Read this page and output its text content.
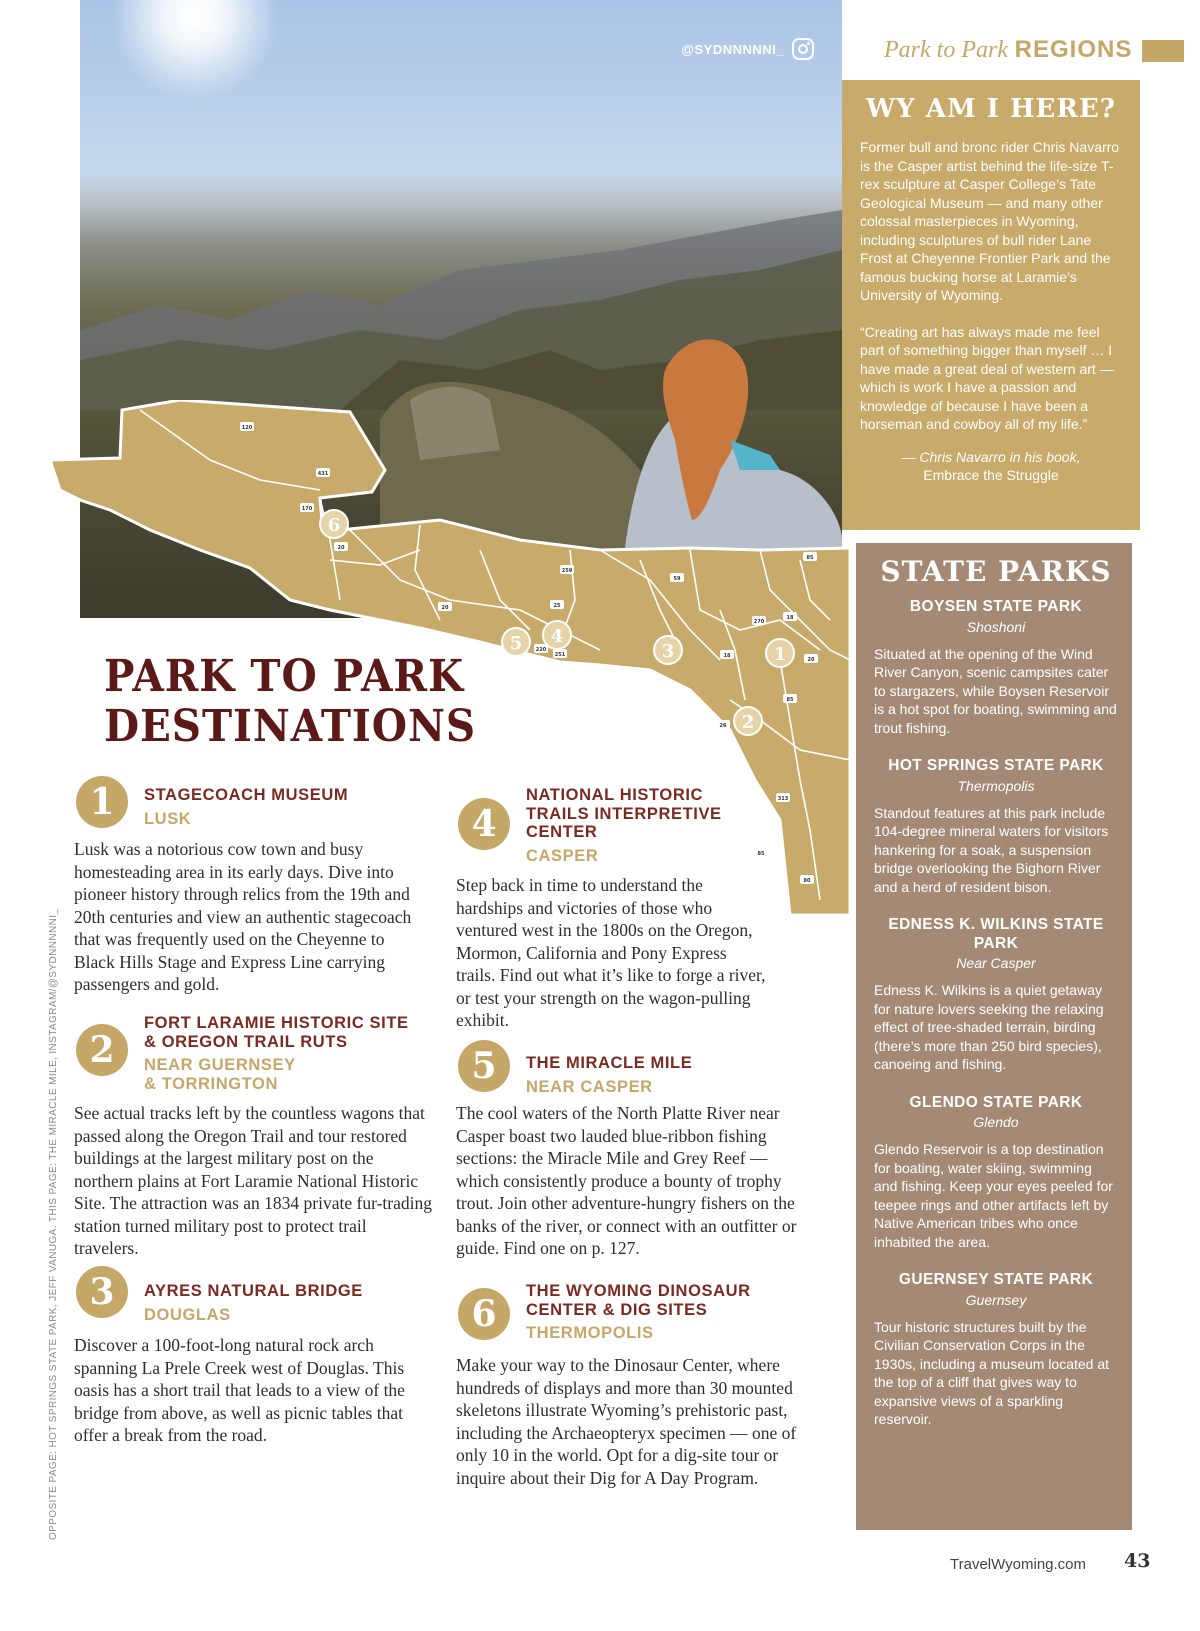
@SYDNNNNNI_
OPPOSITE PAGE: HOT SPRINGS STATE PARK, JEFF VANUGA. THIS PAGE: THE MIRACLE MILE, INSTAGRAM/@SYDNNNNNI_
Park to Park REGIONS
WY AM I HERE?

Former bull and bronc rider Chris Navarro is the Casper artist behind the life-size T-rex sculpture at Casper College’s Tate Geological Museum — and many other colossal masterpieces in Wyoming, including sculptures of bull rider Lane Frost at Cheyenne Frontier Park and the famous bucking horse at Laramie’s University of Wyoming.

“Creating art has always made me feel part of something bigger than myself … I have made a great deal of western art — which is work I have a passion and knowledge of because I have been a horseman and cowboy all of my life.”

— Chris Navarro in his book,
Embrace the Struggle
STATE PARKS
BOYSEN STATE PARK
Shoshoni
Situated at the opening of the Wind River Canyon, scenic campsites cater to stargazers, while Boysen Reservoir is a hot spot for boating, swimming and trout fishing.
HOT SPRINGS STATE PARK
Thermopolis
Standout features at this park include 104-degree mineral waters for visitors hankering for a soak, a suspension bridge overlooking the Bighorn River and a herd of resident bison.
EDNESS K. WILKINS STATE PARK
Near Casper
Edness K. Wilkins is a quiet getaway for nature lovers seeking the relaxing effect of tree-shaded terrain, birding (there’s more than 250 bird species), canoeing and fishing.
GLENDO STATE PARK
Glendo
Glendo Reservoir is a top destination for boating, water skiing, swimming and fishing. Keep your eyes peeled for teepee rings and other artifacts left by Native American tribes who once inhabited the area.
GUERNSEY STATE PARK
Guernsey
Tour historic structures built by the Civilian Conservation Corps in the 1930s, including a museum located at the top of a cliff that gives way to expansive views of a sparkling reservoir.
1
2
3
4
5
6
120
431
170
20
20	25
220
251
259
59
270
18
20
85
18
26
85
313
85
80
PARK TO PARK
DESTINATIONS
1	STAGECOACH MUSEUM
LUSK
Lusk was a notorious cow town and busy homesteading area in its early days. Dive into pioneer history through relics from the 19th and 20th centuries and view an authentic stagecoach that was frequently used on the Cheyenne to Black Hills Stage and Express Line carrying passengers and gold.
2
FORT LARAMIE HISTORIC SITE
& OREGON TRAIL RUTS
NEAR GUERNSEY
& TORRINGTON
See actual tracks left by the countless wagons that passed along the Oregon Trail and tour restored buildings at the largest military post on the northern plains at Fort Laramie National Historic Site. The attraction was an 1834 private fur-trading station turned military post to protect trail travelers.
3	AYRES NATURAL BRIDGE
DOUGLAS
Discover a 100-foot-long natural rock arch spanning La Prele Creek west of Douglas. This oasis has a short trail that leads to a view of the bridge from above, as well as picnic tables that offer a break from the road.
4
NATIONAL HISTORIC
TRAILS INTERPRETIVE
CENTER
CASPER
Step back in time to understand the hardships and victories of those who ventured west in the 1800s on the Oregon, Mormon, California and Pony Express trails. Find out what it’s like to forge a river, or test your strength on the wagon-pulling exhibit.
5	THE MIRACLE MILE
NEAR CASPER
The cool waters of the North Platte River near Casper boast two lauded blue-ribbon fishing sections: the Miracle Mile and Grey Reef — which consistently produce a bounty of trophy trout. Join other adventure-hungry fishers on the banks of the river, or connect with an outfitter or guide. Find one on p. 127.
6
THE WYOMING DINOSAUR
CENTER & DIG SITES
THERMOPOLIS
Make your way to the Dinosaur Center, where hundreds of displays and more than 30 mounted skeletons illustrate Wyoming’s prehistoric past, including the Archaeopteryx specimen — one of only 10 in the world. Opt for a dig-site tour or inquire about their Dig for A Day Program.
TravelWyoming.com 43
